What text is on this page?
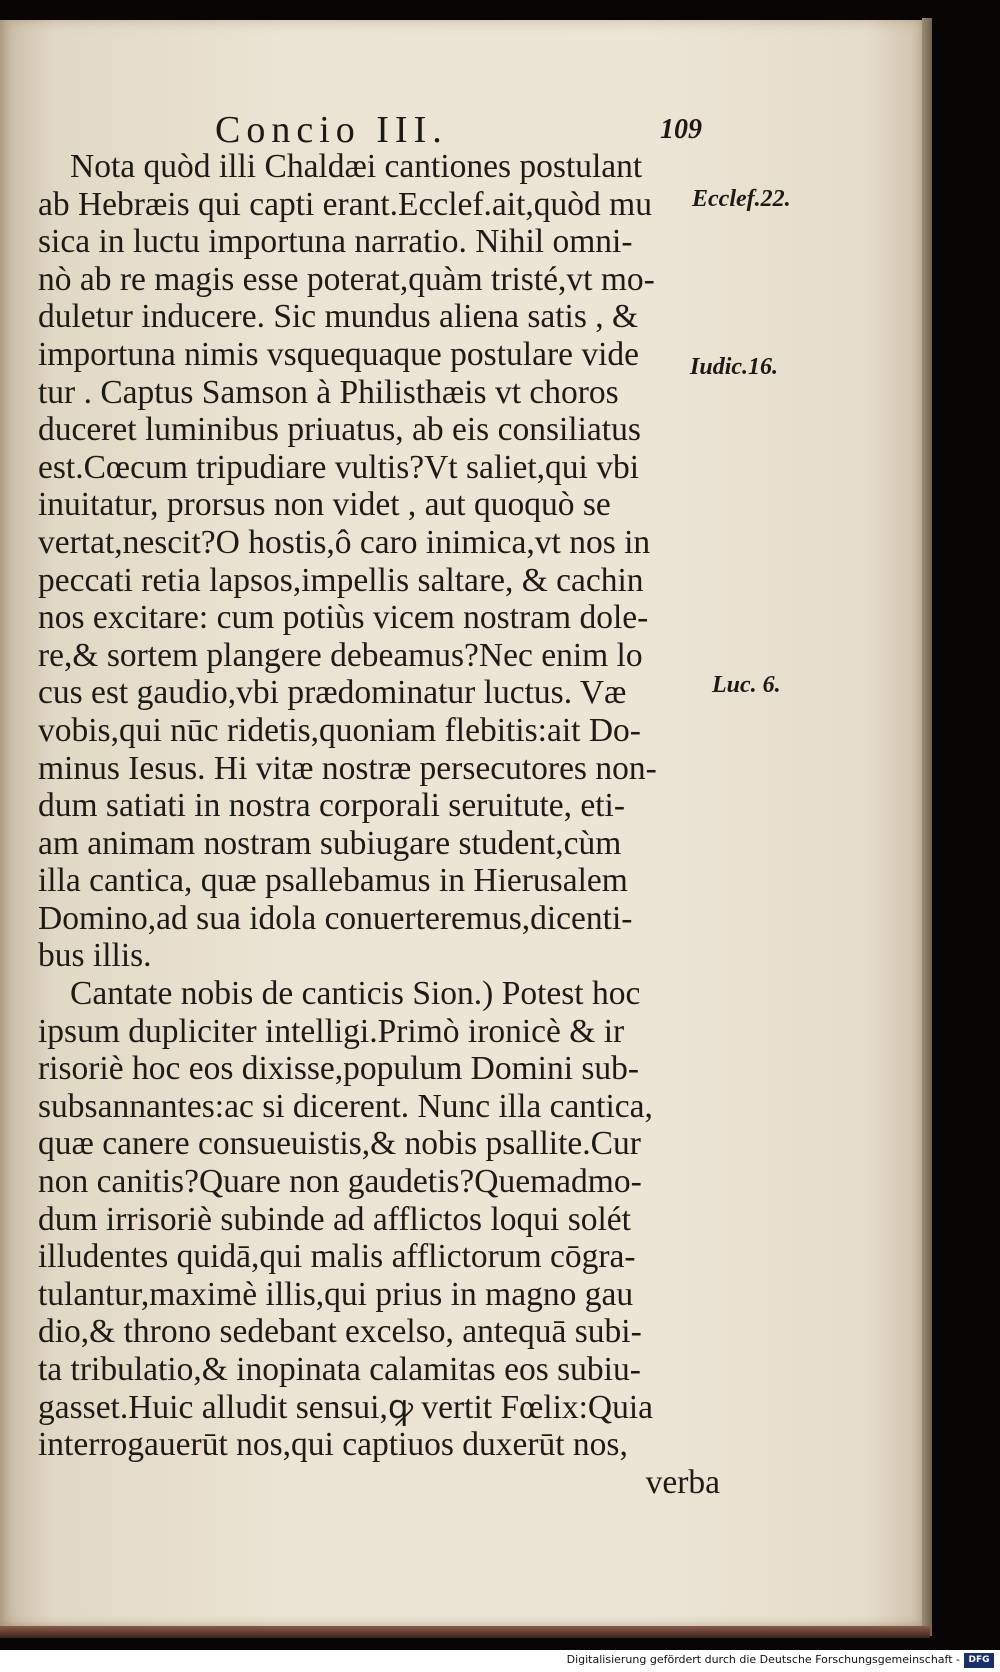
Concio III.	109
Nota quòd illi Chaldæi cantiones postulant
ab Hebræis qui capti erant.Ecclef.ait,quòd mu
sica in luctu importuna narratio. Nihil omni-
nò ab re magis esse poterat,quàm tristé,vt mo-
duletur inducere. Sic mundus aliena satis , &
importuna nimis vsquequaque postulare vide
tur . Captus Samson à Philisthæis vt choros
duceret luminibus priuatus, ab eis consiliatus
est.Cœcum tripudiare vultis?Vt saliet,qui vbi
inuitatur, prorsus non videt , aut quoquò se
vertat,nescit?O hostis,ô caro inimica,vt nos in
peccati retia lapsos,impellis saltare, & cachin
nos excitare: cum potiùs vicem nostram dole-
re,& sortem plangere debeamus?Nec enim lo
cus est gaudio,vbi prædominatur luctus. Væ
vobis,qui nūc ridetis,quoniam flebitis:ait Do-
minus Iesus. Hi vitæ nostræ persecutores non-
dum satiati in nostra corporali seruitute, eti-
am animam nostram subiugare student,cùm
illa cantica, quæ psallebamus in Hierusalem
Domino,ad sua idola conuerteremus,dicenti-
bus illis.
Cantate nobis de canticis Sion.) Potest hoc
ipsum dupliciter intelligi.Primò ironicè & ir
risoriè hoc eos dixisse,populum Domini sub-
subsannantes:ac si dicerent. Nunc illa cantica,
quæ canere consueuistis,& nobis psallite.Cur
non canitis?Quare non gaudetis?Quemadmo-
dum irrisoriè subinde ad afflictos loqui solét
illudentes quidā,qui malis afflictorum cōgra-
tulantur,maximè illis,qui prius in magno gau
dio,& throno sedebant excelso, antequā subi-
ta tribulatio,& inopinata calamitas eos subiu-
gasset.Huic alludit sensui,ꝙ vertit Fœlix:Quia
interrogauerūt nos,qui captiuos duxerūt nos,
verba
Ecclef.22.
Iudic.16.
Luc. 6.
Digitalisierung gefördert durch die Deutsche Forschungsgemeinschaft - DFG
